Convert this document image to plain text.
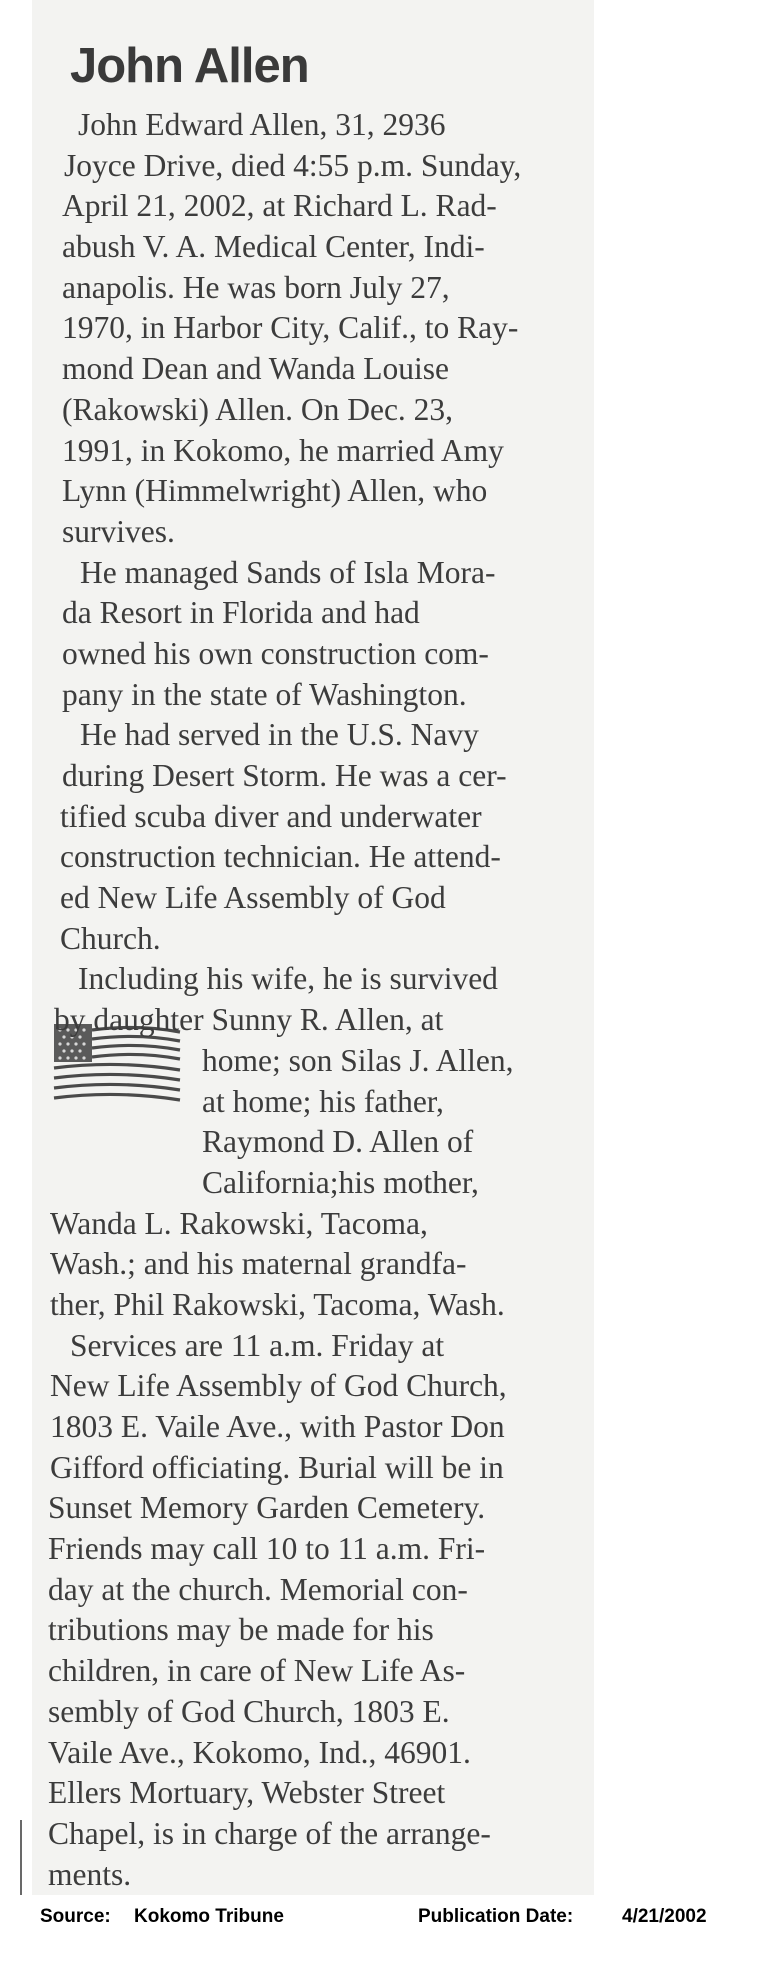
John Allen
John Edward Allen, 31, 2936
Joyce Drive, died 4:55 p.m. Sunday,
April 21, 2002, at Richard L. Rad-
abush V. A. Medical Center, Indi-
anapolis. He was born July 27,
1970, in Harbor City, Calif., to Ray-
mond Dean and Wanda Louise
(Rakowski) Allen. On Dec. 23,
1991, in Kokomo, he married Amy
Lynn (Himmelwright) Allen, who
survives.
He managed Sands of Isla Mora-
da Resort in Florida and had
owned his own construction com-
pany in the state of Washington.
He had served in the U.S. Navy
during Desert Storm. He was a cer-
tified scuba diver and underwater
construction technician. He attend-
ed New Life Assembly of God
Church.
Including his wife, he is survived
by daughter Sunny R. Allen, at
home; son Silas J. Allen,
at home; his father,
Raymond D. Allen of
California;his mother,
Wanda L. Rakowski, Tacoma,
Wash.; and his maternal grandfa-
ther, Phil Rakowski, Tacoma, Wash.
Services are 11 a.m. Friday at
New Life Assembly of God Church,
1803 E. Vaile Ave., with Pastor Don
Gifford officiating. Burial will be in
Sunset Memory Garden Cemetery.
Friends may call 10 to 11 a.m. Fri-
day at the church. Memorial con-
tributions may be made for his
children, in care of New Life As-
sembly of God Church, 1803 E.
Vaile Ave., Kokomo, Ind., 46901.
Ellers Mortuary, Webster Street
Chapel, is in charge of the arrange-
ments.
Source: Kokomo Tribune	Publication Date:	4/21/2002
